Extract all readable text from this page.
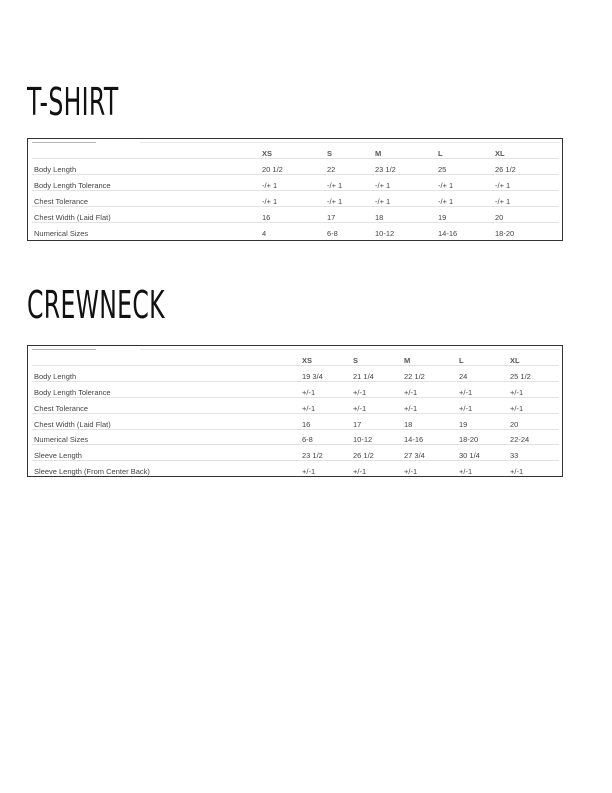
T-SHIRT
	XS	S	M	L	XL
Body Length	20 1/2	22	23 1/2	25	26 1/2
Body Length Tolerance	-/+ 1	-/+ 1	-/+ 1	-/+ 1	-/+ 1
Chest Tolerance	-/+ 1	-/+ 1	-/+ 1	-/+ 1	-/+ 1
Chest Width (Laid Flat)	16	17	18	19	20
Numerical Sizes	4	6-8	10-12	14-16	18-20
CREWNECK
	XS	S	M	L	XL
Body Length	19 3/4	21 1/4	22 1/2	24	25 1/2
Body Length Tolerance	+/-1	+/-1	+/-1	+/-1	+/-1
Chest Tolerance	+/-1	+/-1	+/-1	+/-1	+/-1
Chest Width (Laid Flat)	16	17	18	19	20
Numerical Sizes	6-8	10-12	14-16	18-20	22-24
Sleeve Length	23 1/2	26 1/2	27 3/4	30 1/4	33
Sleeve Length (From Center Back)	+/-1	+/-1	+/-1	+/-1	+/-1
